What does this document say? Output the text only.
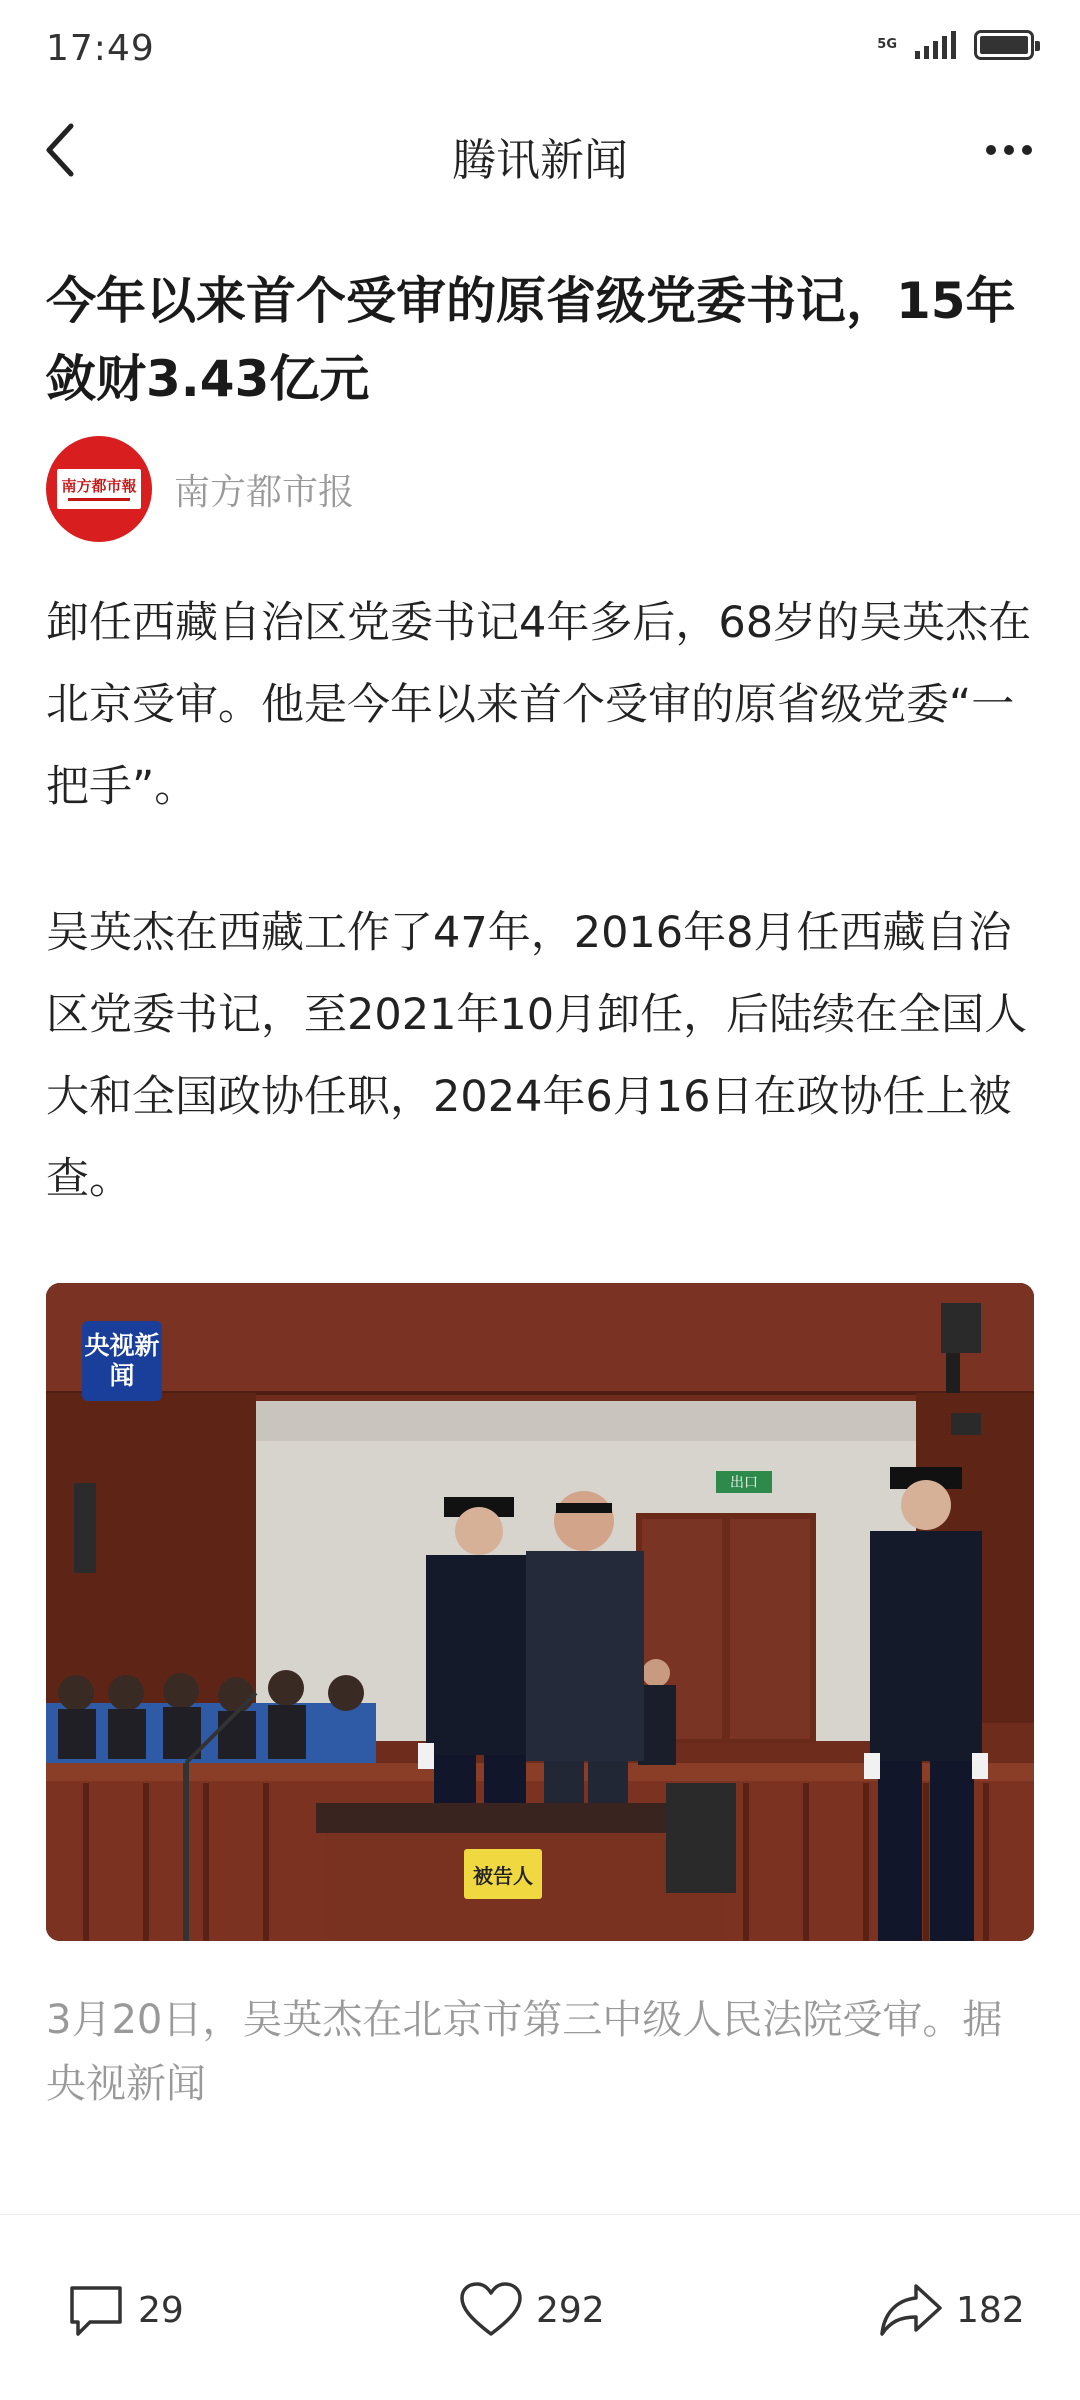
17:49	5G
腾讯新闻
今年以来首个受审的原省级党委书记，15年敛财3.43亿元
南方都市報 南方都市报
卸任西藏自治区党委书记4年多后，68岁的吴英杰在北京受审。他是今年以来首个受审的原省级党委“一把手”。
吴英杰在西藏工作了47年，2016年8月任西藏自治区党委书记，至2021年10月卸任，后陆续在全国人大和全国政协任职，2024年6月16日在政协任上被查。
央视新闻
出口
被告人
3月20日，吴英杰在北京市第三中级人民法院受审。据央视新闻
29	292	182
